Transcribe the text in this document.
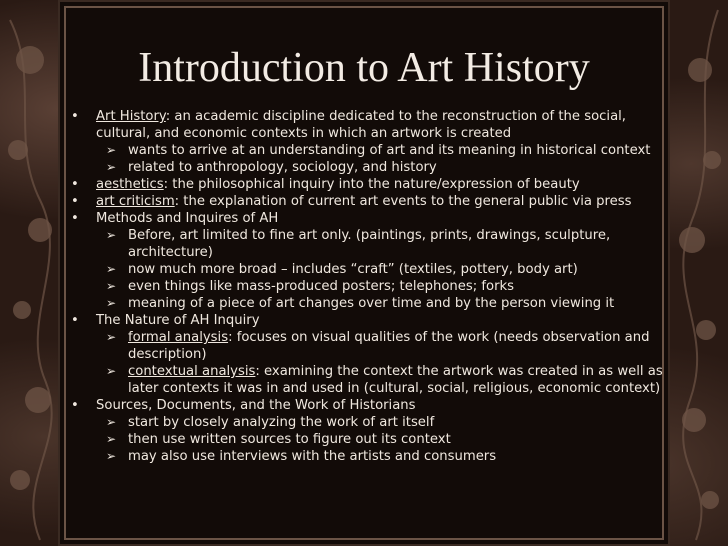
Introduction to Art History

• Art History: an academic discipline dedicated to the reconstruction of the social, cultural, and economic contexts in which an artwork is created

➢ wants to arrive at an understanding of art and its meaning in historical context

➢ related to anthropology, sociology, and history

• aesthetics: the philosophical inquiry into the nature/expression of beauty

• art criticism: the explanation of current art events to the general public via press

• Methods and Inquires of AH

➢ Before, art limited to fine art only. (paintings, prints, drawings, sculpture, architecture)

➢ now much more broad – includes “craft” (textiles, pottery, body art)

➢ even things like mass-produced posters; telephones; forks

➢ meaning of a piece of art changes over time and by the person viewing it

• The Nature of AH Inquiry

➢ formal analysis: focuses on visual qualities of the work (needs observation and description)

➢ contextual analysis: examining the context the artwork was created in as well as later contexts it was in and used in (cultural, social, religious, economic context)

• Sources, Documents, and the Work of Historians

➢ start by closely analyzing the work of art itself

➢ then use written sources to figure out its context

➢ may also use interviews with the artists and consumers
